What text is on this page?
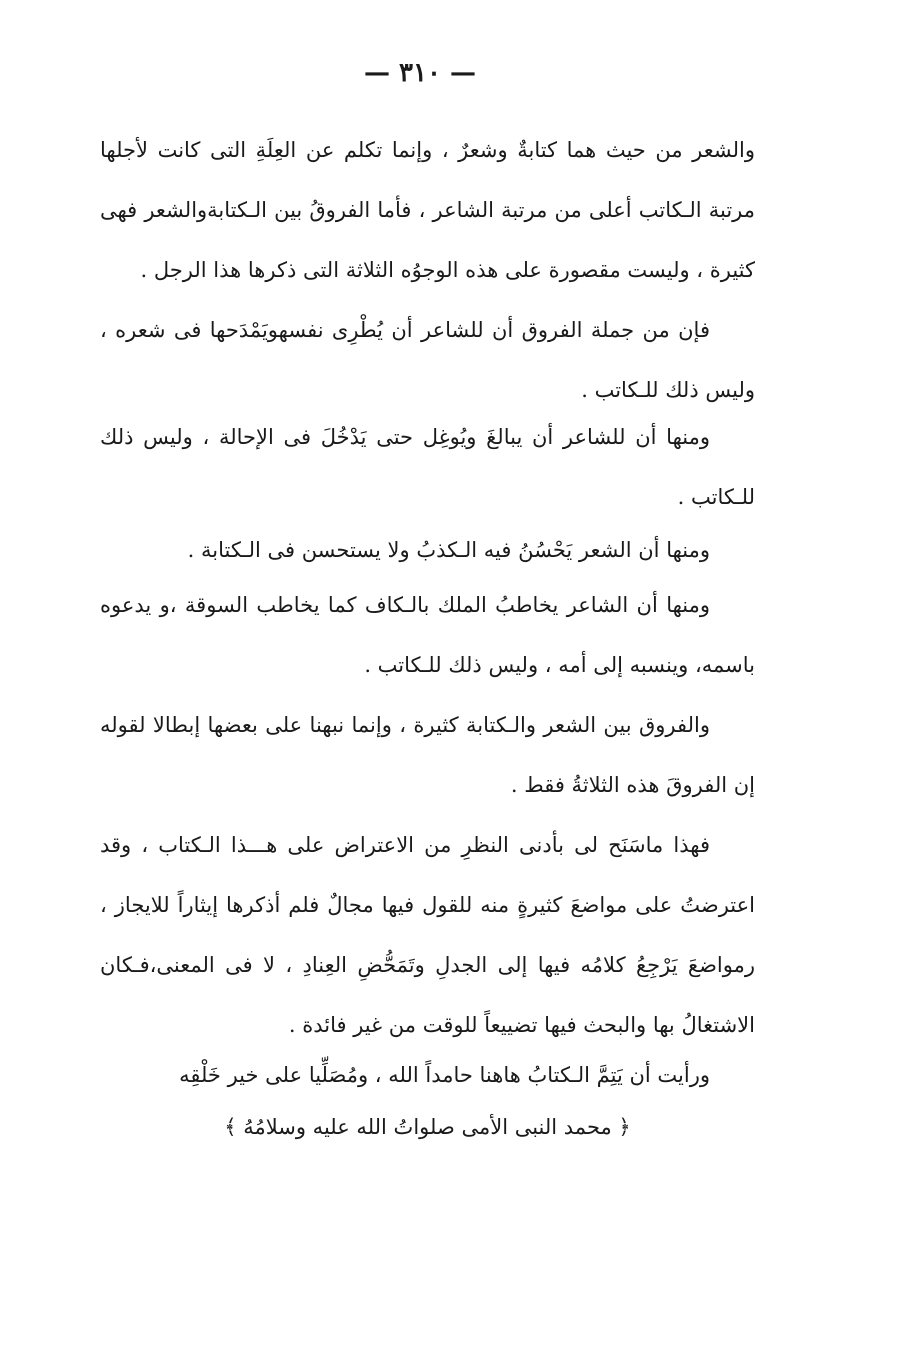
— ٣١٠ —

والشعر من حيث هما كتابةٌ وشعرٌ ، وإنما تكلم عن العِلَةِ التى كانت لأجلها مرتبة الـكاتب أعلى من مرتبة الشاعر ، فأما الفروقُ بين الـكتابةوالشعر فهى كثيرة ، وليست مقصورة على هذه الوجوُه الثلاثة التى ذكرها هذا الرجل .

فإن من جملة الفروق أن للشاعر أن يُطْرِى نفسهويَمْدَحها فى شعره ، وليس ذلك للـكاتب .

ومنها أن للشاعر أن يبالغَ ويُوغِل حتى يَدْخُلَ فى الإحالة ، وليس ذلك للـكاتب .

ومنها أن الشعر يَحْسُنُ فيه الـكذبُ ولا يستحسن فى الـكتابة .

ومنها أن الشاعر يخاطبُ الملك بالـكاف كما يخاطب السوقة ،و يدعوه باسمه، وينسبه إلى أمه ، وليس ذلك للـكاتب .

والفروق بين الشعر والـكتابة كثيرة ، وإنما نبهنا على بعضها إبطالا لقوله إن الفروقَ هذه الثلاثةُ فقط .

فهذا ماسَنَح لى بأدنى النظرِ من الاعتراض على هـــذا الـكتاب ، وقد اعترضتُ على مواضعَ كثيرةٍ منه للقول فيها مجالٌ فلم أذكرها إيثاراً للايجاز ، رمواضعَ يَرْجِعُ كلامُه فيها إلى الجدلِ وتَمَحُّضِ العِنادِ ، لا فى المعنى،فـكان الاشتغالُ بها والبحث فيها تضييعاً للوقت من غير فائدة .

ورأيت أن يَتِمَّ الـكتابُ هاهنا حامداً الله ، ومُصَلِّيا على خير خَلْقِه

﴿ محمد النبى الأمى صلواتُ الله عليه وسلامُهُ ﴾
